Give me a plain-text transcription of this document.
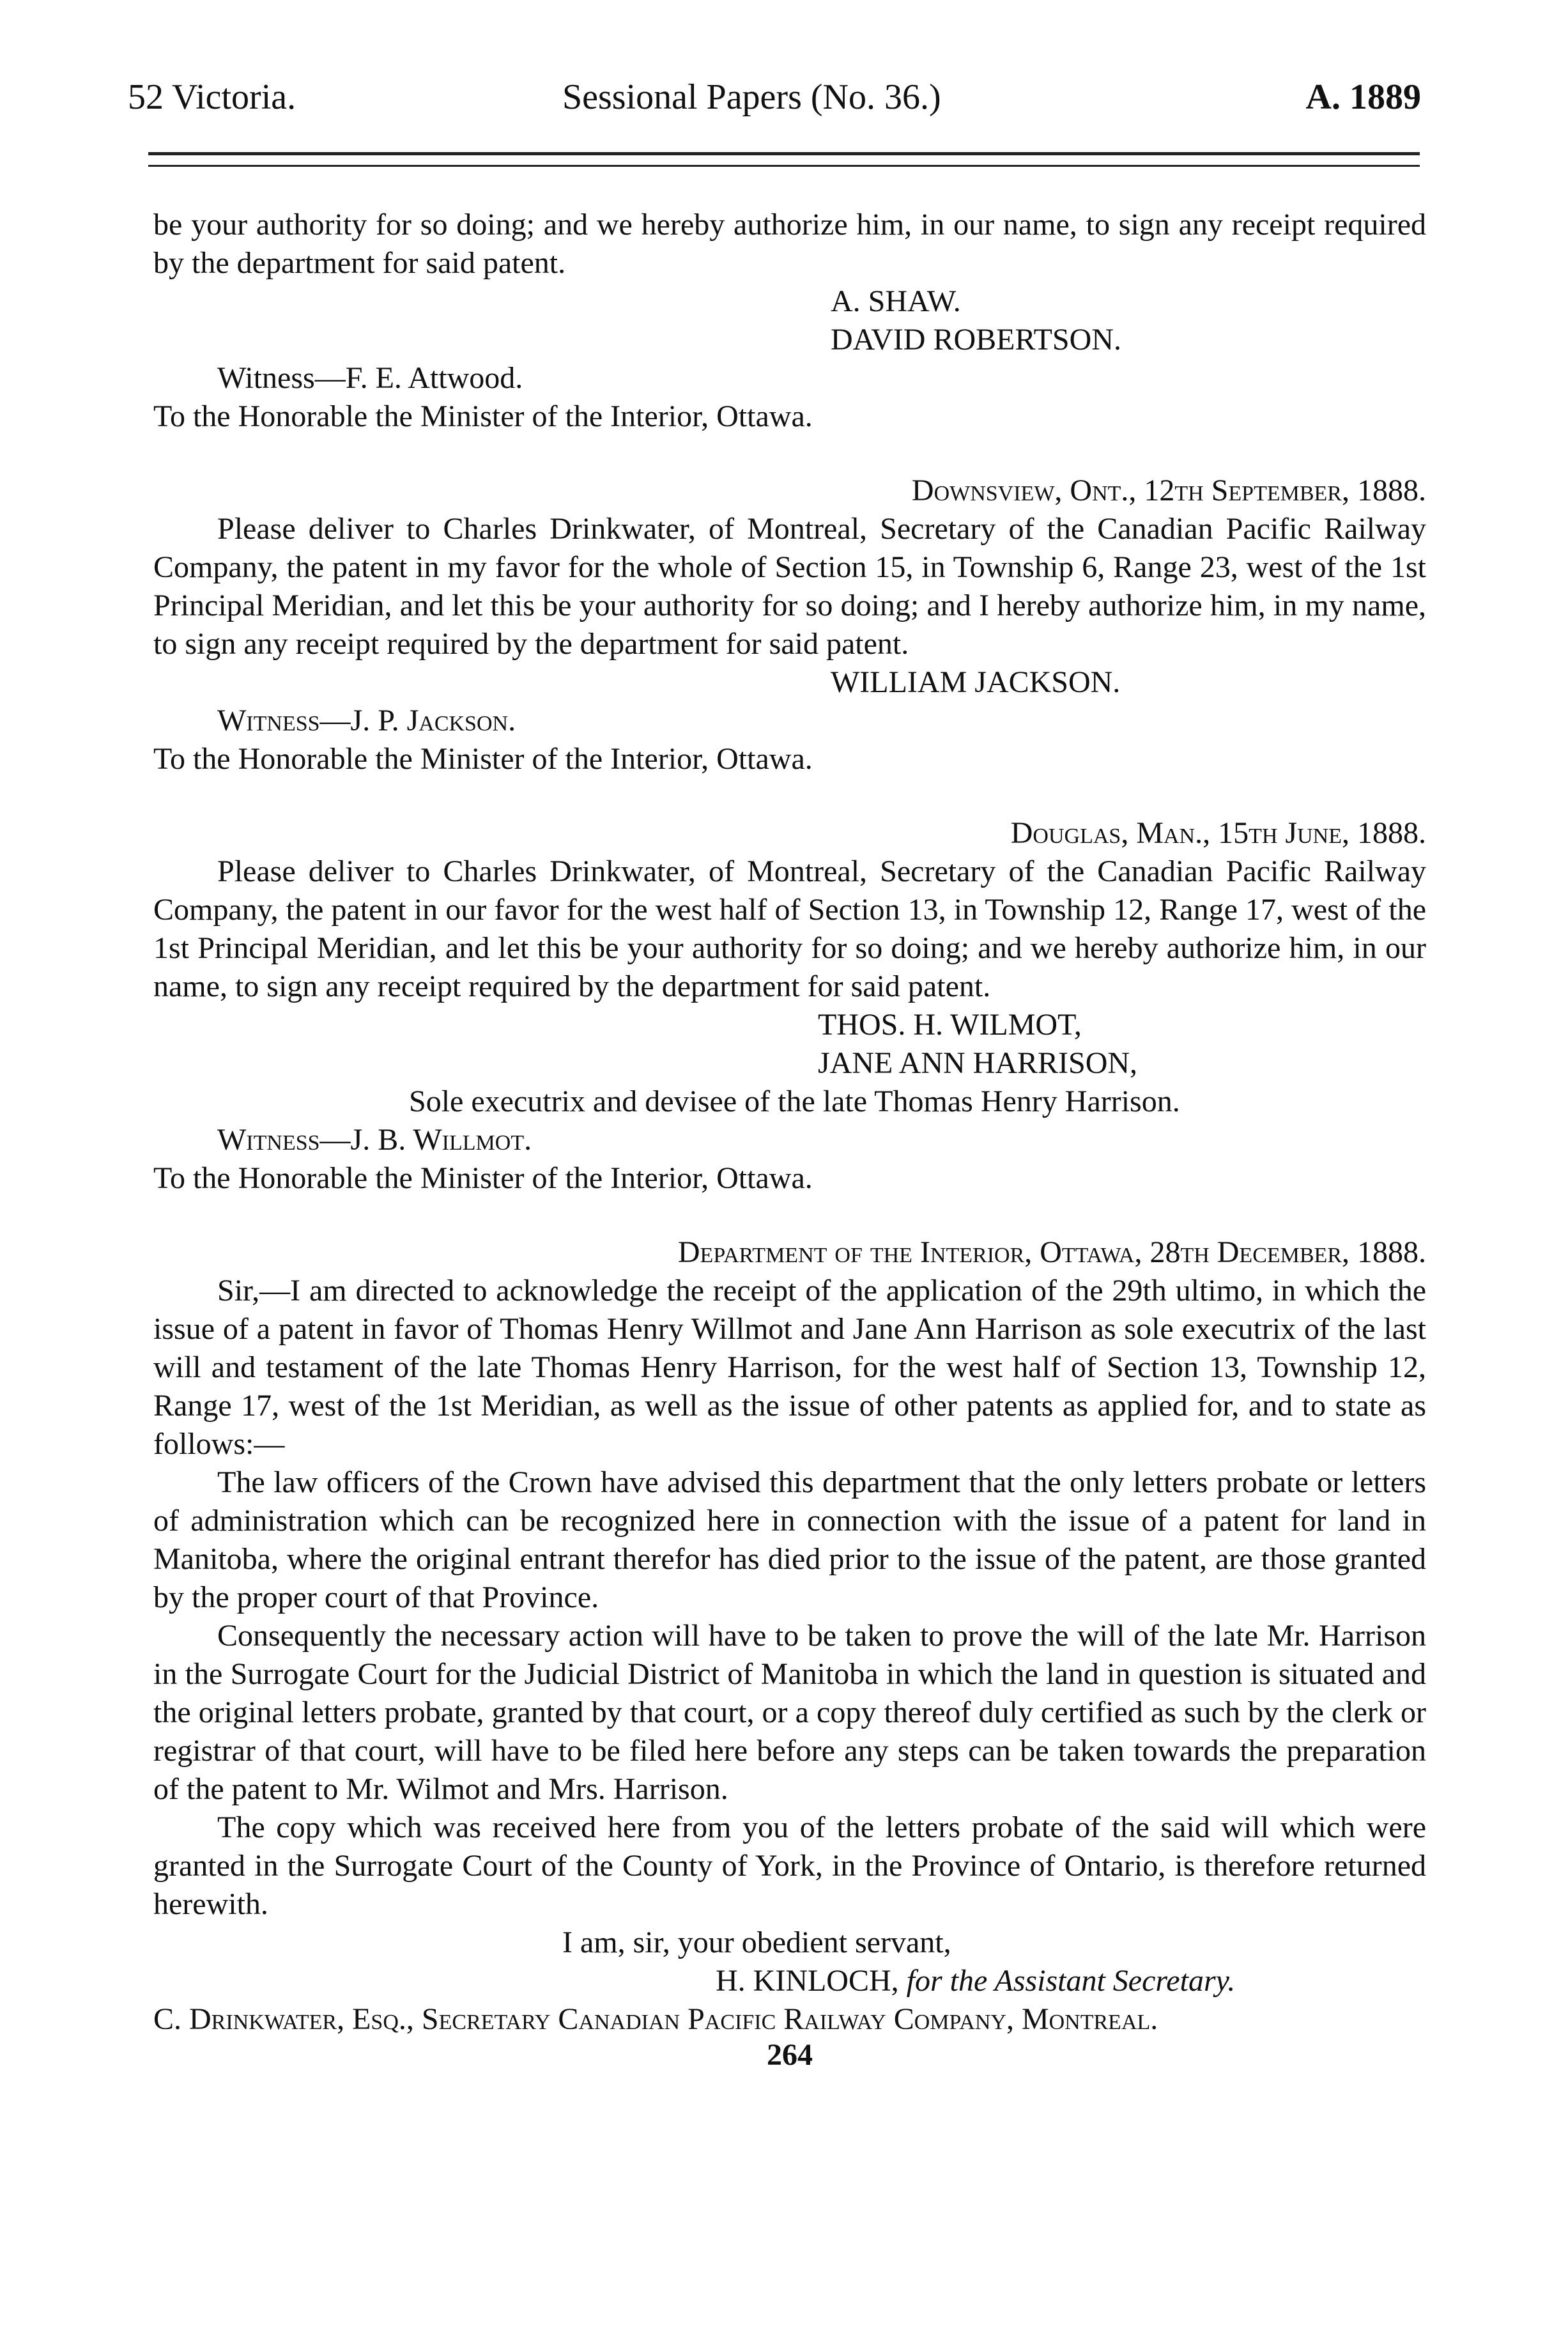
52 Victoria.	Sessional Papers (No. 36.)	A. 1889

be your authority for so doing; and we hereby authorize him, in our name, to sign any receipt required by the department for said patent.

A. SHAW.

DAVID ROBERTSON.

Witness—F. E. Attwood.

To the Honorable the Minister of the Interior, Ottawa.

Downsview, Ont., 12th September, 1888.

Please deliver to Charles Drinkwater, of Montreal, Secretary of the Canadian Pacific Railway Company, the patent in my favor for the whole of Section 15, in Township 6, Range 23, west of the 1st Principal Meridian, and let this be your authority for so doing; and I hereby authorize him, in my name, to sign any receipt required by the department for said patent.

WILLIAM JACKSON.

Witness—J. P. Jackson.

To the Honorable the Minister of the Interior, Ottawa.

Douglas, Man., 15th June, 1888.

Please deliver to Charles Drinkwater, of Montreal, Secretary of the Canadian Pacific Railway Company, the patent in our favor for the west half of Section 13, in Township 12, Range 17, west of the 1st Principal Meridian, and let this be your authority for so doing; and we hereby authorize him, in our name, to sign any receipt required by the department for said patent.

THOS. H. WILMOT,

JANE ANN HARRISON,

Sole executrix and devisee of the late Thomas Henry Harrison.

Witness—J. B. Willmot.

To the Honorable the Minister of the Interior, Ottawa.

Department of the Interior, Ottawa, 28th December, 1888.

Sir,—I am directed to acknowledge the receipt of the application of the 29th ultimo, in which the issue of a patent in favor of Thomas Henry Willmot and Jane Ann Harrison as sole executrix of the last will and testament of the late Thomas Henry Harrison, for the west half of Section 13, Township 12, Range 17, west of the 1st Meridian, as well as the issue of other patents as applied for, and to state as follows:—

The law officers of the Crown have advised this department that the only letters probate or letters of administration which can be recognized here in connection with the issue of a patent for land in Manitoba, where the original entrant therefor has died prior to the issue of the patent, are those granted by the proper court of that Province.

Consequently the necessary action will have to be taken to prove the will of the late Mr. Harrison in the Surrogate Court for the Judicial District of Manitoba in which the land in question is situated and the original letters probate, granted by that court, or a copy thereof duly certified as such by the clerk or registrar of that court, will have to be filed here before any steps can be taken towards the preparation of the patent to Mr. Wilmot and Mrs. Harrison.

The copy which was received here from you of the letters probate of the said will which were granted in the Surrogate Court of the County of York, in the Province of Ontario, is therefore returned herewith.

I am, sir, your obedient servant,

H. KINLOCH, for the Assistant Secretary.

C. Drinkwater, Esq., Secretary Canadian Pacific Railway Company, Montreal.

264
